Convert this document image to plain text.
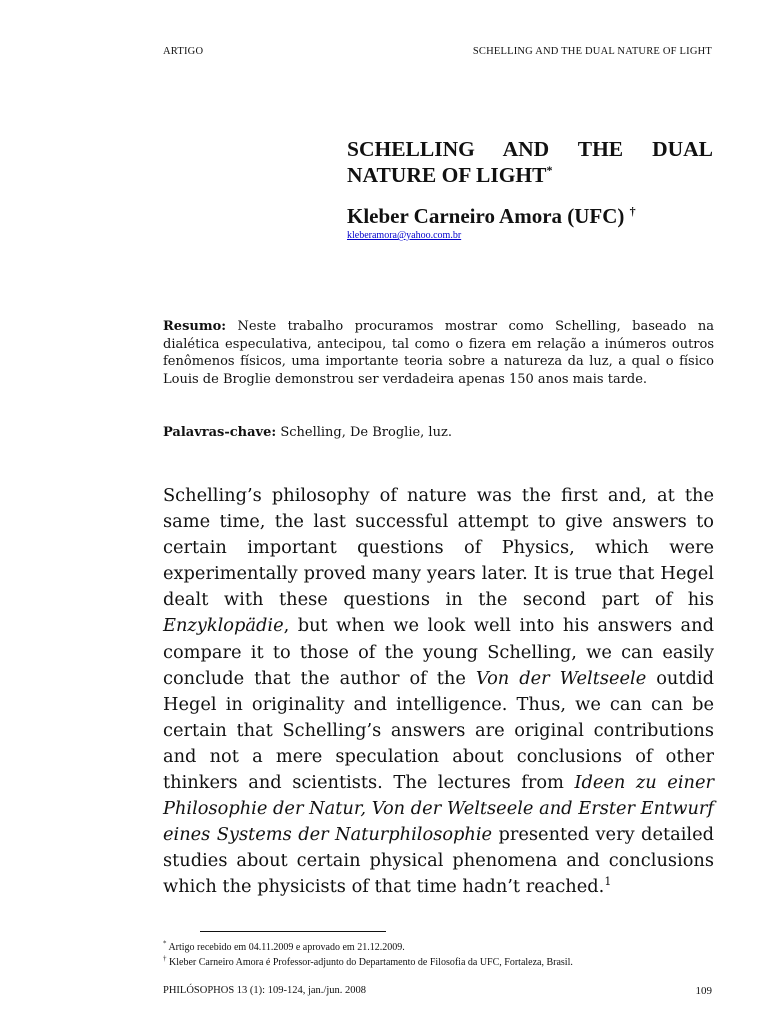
ARTIGO	SCHELLING AND THE DUAL NATURE OF LIGHT
SCHELLING AND THE DUAL NATURE OF LIGHT*
Kleber Carneiro Amora (UFC) †
kleberamora@yahoo.com.br

Resumo: Neste trabalho procuramos mostrar como Schelling, baseado na dialética especulativa, antecipou, tal como o fizera em relação a inúmeros outros fenômenos físicos, uma importante teoria sobre a natureza da luz, a qual o físico Louis de Broglie demonstrou ser verdadeira apenas 150 anos mais tarde.

Palavras-chave: Schelling, De Broglie, luz.

Schelling’s philosophy of nature was the first and, at the same time, the last successful attempt to give answers to certain important questions of Physics, which were experimentally proved many years later. It is true that Hegel dealt with these questions in the second part of his Enzyklopädie, but when we look well into his answers and compare it to those of the young Schelling, we can easily conclude that the author of the Von der Weltseele outdid Hegel in originality and intelligence. Thus, we can can be certain that Schelling’s answers are original contributions and not a mere speculation about conclusions of other thinkers and scientists. The lectures from Ideen zu einer Philosophie der Natur, Von der Weltseele and Erster Entwurf eines Systems der Naturphilosophie presented very detailed studies about certain physical phenomena and conclusions which the physicists of that time hadn’t reached.$^1$

* Artigo recebido em 04.11.2009 e aprovado em 21.12.2009.

† Kleber Carneiro Amora é Professor-adjunto do Departamento de Filosofia da UFC, Fortaleza, Brasil.

PHILÓSOPHOS 13 (1): 109-124, jan./jun. 2008	109
